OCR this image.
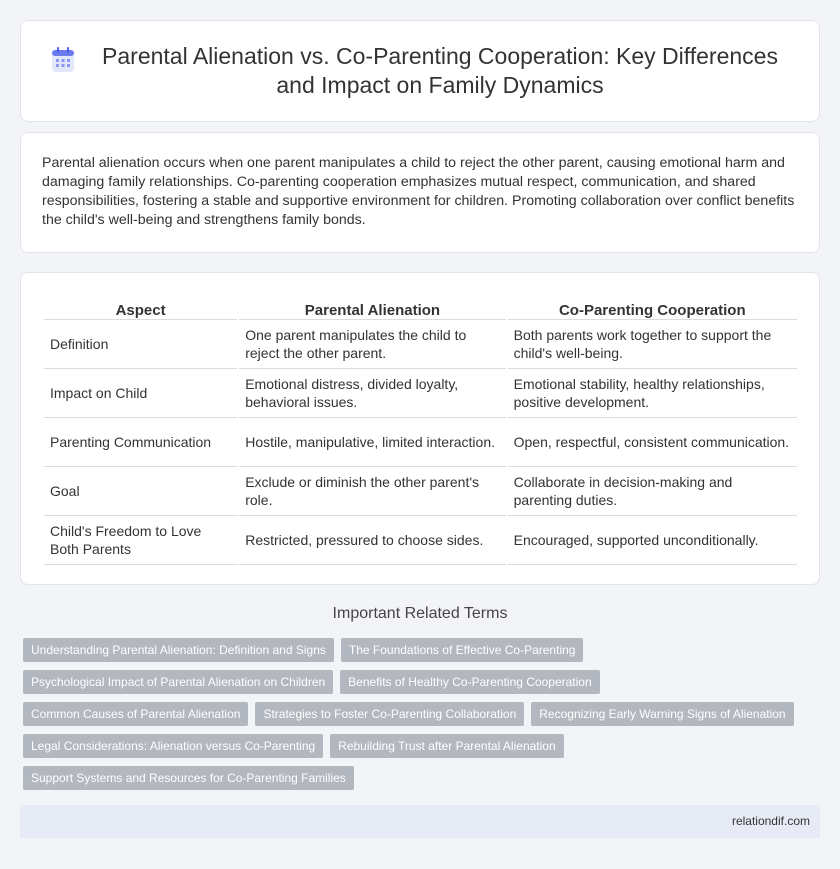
Parental Alienation vs. Co-Parenting Cooperation: Key Differences and Impact on Family Dynamics

Parental alienation occurs when one parent manipulates a child to reject the other parent, causing emotional harm and damaging family relationships. Co-parenting cooperation emphasizes mutual respect, communication, and shared responsibilities, fostering a stable and supportive environment for children. Promoting collaboration over conflict benefits the child's well-being and strengthens family bonds.

Aspect	Parental Alienation	Co-Parenting Cooperation
Definition	One parent manipulates the child to reject the other parent.	Both parents work together to support the child's well-being.
Impact on Child	Emotional distress, divided loyalty, behavioral issues.	Emotional stability, healthy relationships, positive development.
Parenting Communication	Hostile, manipulative, limited interaction.	Open, respectful, consistent communication.
Goal	Exclude or diminish the other parent's role.	Collaborate in decision-making and parenting duties.
Child's Freedom to Love Both Parents	Restricted, pressured to choose sides.	Encouraged, supported unconditionally.
Important Related Terms
Understanding Parental Alienation: Definition and Signs	The Foundations of Effective Co-Parenting
Psychological Impact of Parental Alienation on Children	Benefits of Healthy Co-Parenting Cooperation
Common Causes of Parental Alienation	Strategies to Foster Co-Parenting Collaboration	Recognizing Early Warning Signs of Alienation
Legal Considerations: Alienation versus Co-Parenting	Rebuilding Trust after Parental Alienation
Support Systems and Resources for Co-Parenting Families
relationdif.com
